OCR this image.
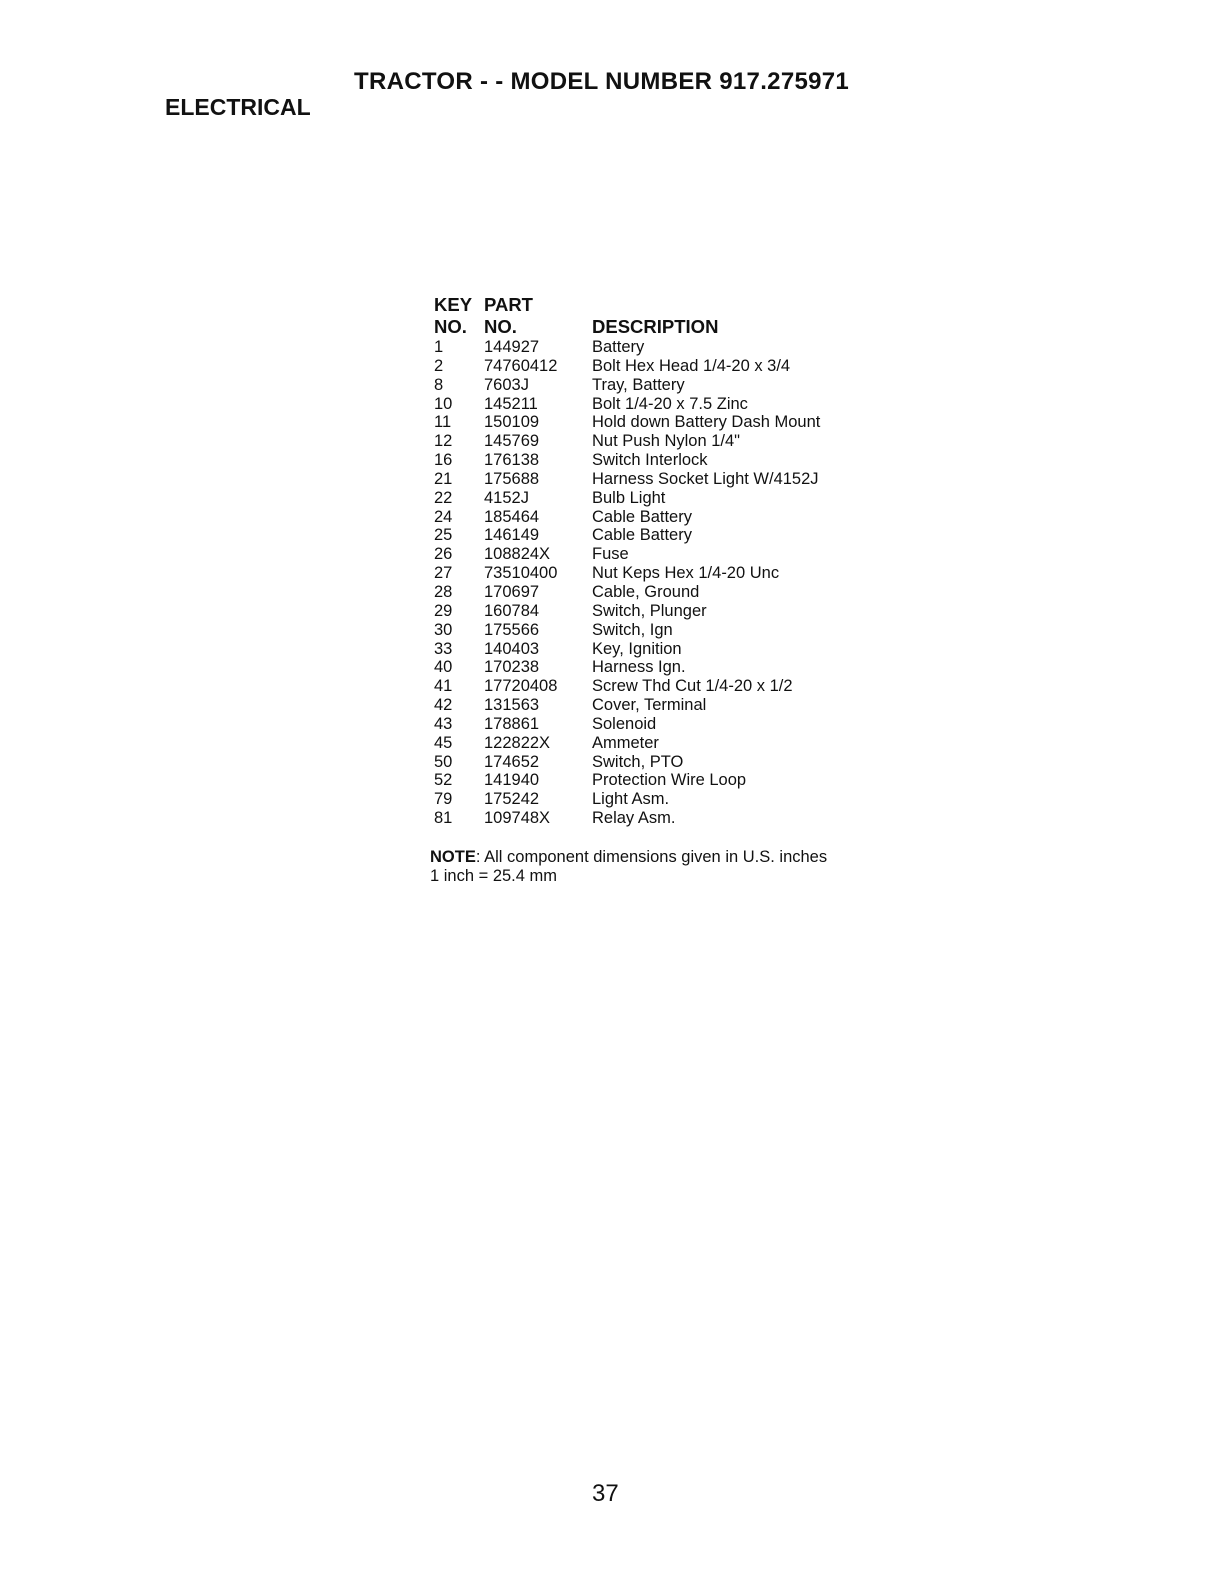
TRACTOR - - MODEL NUMBER 917.275971
ELECTRICAL
KEY
NO.
PART
NO.	DESCRIPTION
1 144927	Battery
2 74760412 Bolt Hex Head 1/4-20 x 3/4
8 7603J	Tray, Battery
10 145211	Bolt 1/4-20 x 7.5 Zinc
11 150109	Hold down Battery Dash Mount
12 145769	Nut Push Nylon 1/4"
16 176138	Switch Interlock
21 175688	Harness Socket Light W/4152J
22 4152J	Bulb Light
24 185464	Cable Battery
25 146149	Cable Battery
26 108824X	Fuse
27 73510400 Nut Keps Hex 1/4-20 Unc
28 170697	Cable, Ground
29 160784	Switch, Plunger
30 175566	Switch, Ign
33 140403	Key, Ignition
40 170238	Harness Ign.
41 17720408 Screw Thd Cut 1/4-20 x 1/2
42 131563	Cover, Terminal
43 178861	Solenoid
45 122822X	Ammeter
50 174652	Switch, PTO
52 141940	Protection Wire Loop
79 175242	Light Asm.
81 109748X	Relay Asm.
NOTE: All component dimensions given in U.S. inches
1 inch = 25.4 mm
37
